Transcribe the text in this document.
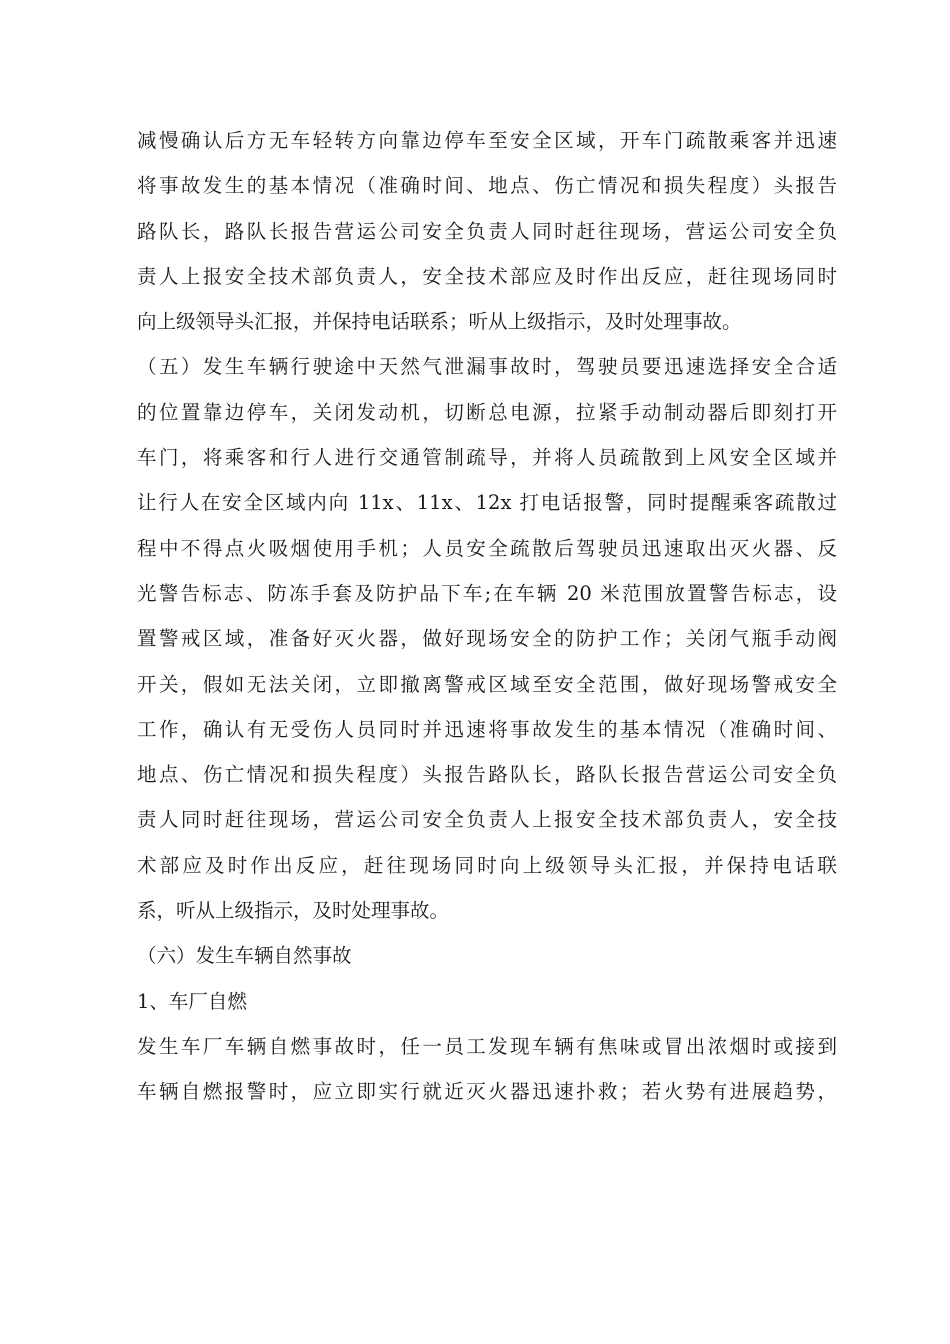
减慢确认后方无车轻转方向靠边停车至安全区域，开车门疏散乘客并迅速
将事故发生的基本情况（准确时间、地点、伤亡情况和损失程度）头报告
路队长，路队长报告营运公司安全负责人同时赶往现场，营运公司安全负
责人上报安全技术部负责人，安全技术部应及时作出反应，赶往现场同时
向上级领导头汇报，并保持电话联系；听从上级指示，及时处理事故。
（五）发生车辆行驶途中天然气泄漏事故时，驾驶员要迅速选择安全合适
的位置靠边停车，关闭发动机，切断总电源，拉紧手动制动器后即刻打开
车门，将乘客和行人进行交通管制疏导，并将人员疏散到上风安全区域并
让行人在安全区域内向 11x、11x、12x 打电话报警，同时提醒乘客疏散过
程中不得点火吸烟使用手机；人员安全疏散后驾驶员迅速取出灭火器、反
光警告标志、防冻手套及防护品下车;在车辆 20 米范围放置警告标志，设
置警戒区域，准备好灭火器，做好现场安全的防护工作；关闭气瓶手动阀
开关，假如无法关闭，立即撤离警戒区域至安全范围，做好现场警戒安全
工作，确认有无受伤人员同时并迅速将事故发生的基本情况（准确时间、
地点、伤亡情况和损失程度）头报告路队长，路队长报告营运公司安全负
责人同时赶往现场，营运公司安全负责人上报安全技术部负责人，安全技
术部应及时作出反应，赶往现场同时向上级领导头汇报，并保持电话联
系，听从上级指示，及时处理事故。
（六）发生车辆自然事故
1、车厂自燃
发生车厂车辆自燃事故时，任一员工发现车辆有焦味或冒出浓烟时或接到
车辆自燃报警时，应立即实行就近灭火器迅速扑救；若火势有进展趋势，
